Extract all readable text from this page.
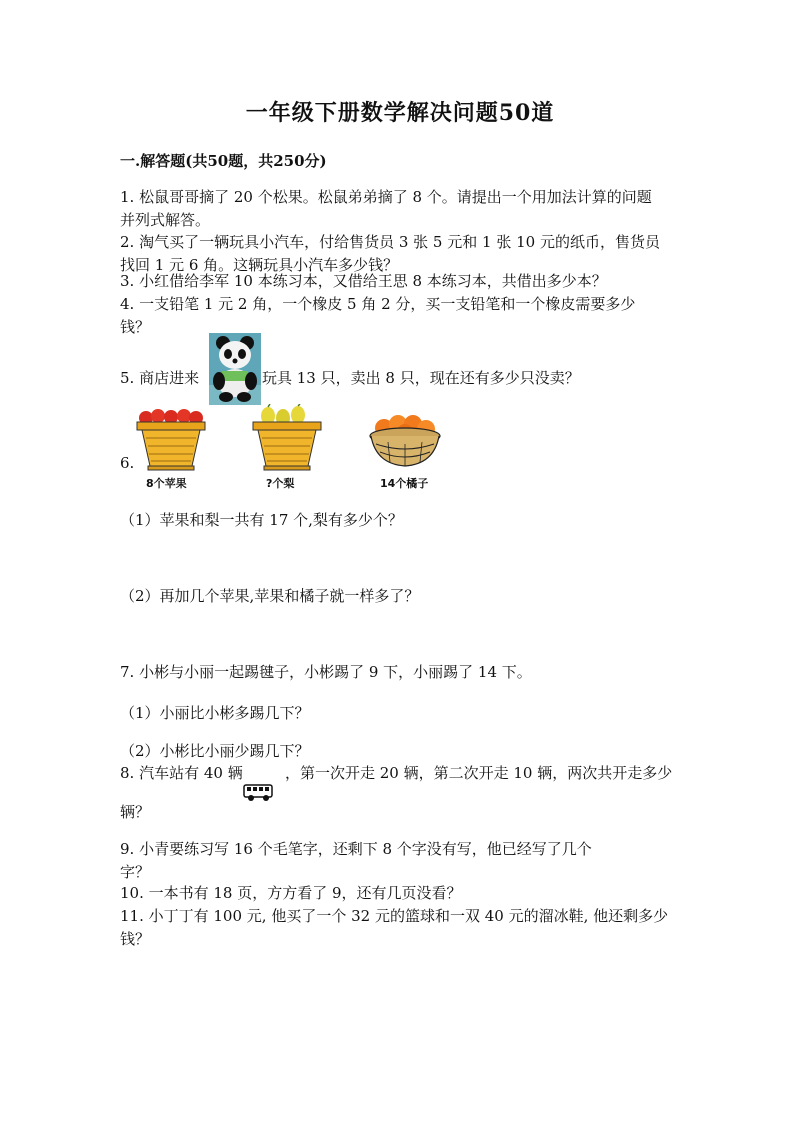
一年级下册数学解决问题50道
一.解答题(共50题，共250分)
1. 松鼠哥哥摘了 20 个松果。松鼠弟弟摘了 8 个。请提出一个用加法计算的问题
并列式解答。
2. 淘气买了一辆玩具小汽车，付给售货员 3 张 5 元和 1 张 10 元的纸币，售货员
找回 1 元 6 角。这辆玩具小汽车多少钱？
3. 小红借给李军 10 本练习本，又借给王思 8 本练习本，共借出多少本？
4. 一支铅笔 1 元 2 角，一个橡皮 5 角 2 分，买一支铅笔和一个橡皮需要多少
钱？
5. 商店进来	玩具 13 只，卖出 8 只，现在还有多少只没卖？
6.
8个苹果	?个梨	14个橘子
（1）苹果和梨一共有 17 个,梨有多少个？
（2）再加几个苹果,苹果和橘子就一样多了？
7. 小彬与小丽一起踢毽子，小彬踢了 9 下，小丽踢了 14 下。
（1）小丽比小彬多踢几下？
（2）小彬比小丽少踢几下？
8. 汽车站有 40 辆	，第一次开走 20 辆，第二次开走 10 辆，两次共开走多少
辆？
9. 小青要练习写 16 个毛笔字，还剩下 8 个字没有写，他已经写了几个
字？
10. 一本书有 18 页，方方看了 9，还有几页没看？
11. 小丁丁有 100 元, 他买了一个 32 元的篮球和一双 40 元的溜冰鞋, 他还剩多少
钱？
